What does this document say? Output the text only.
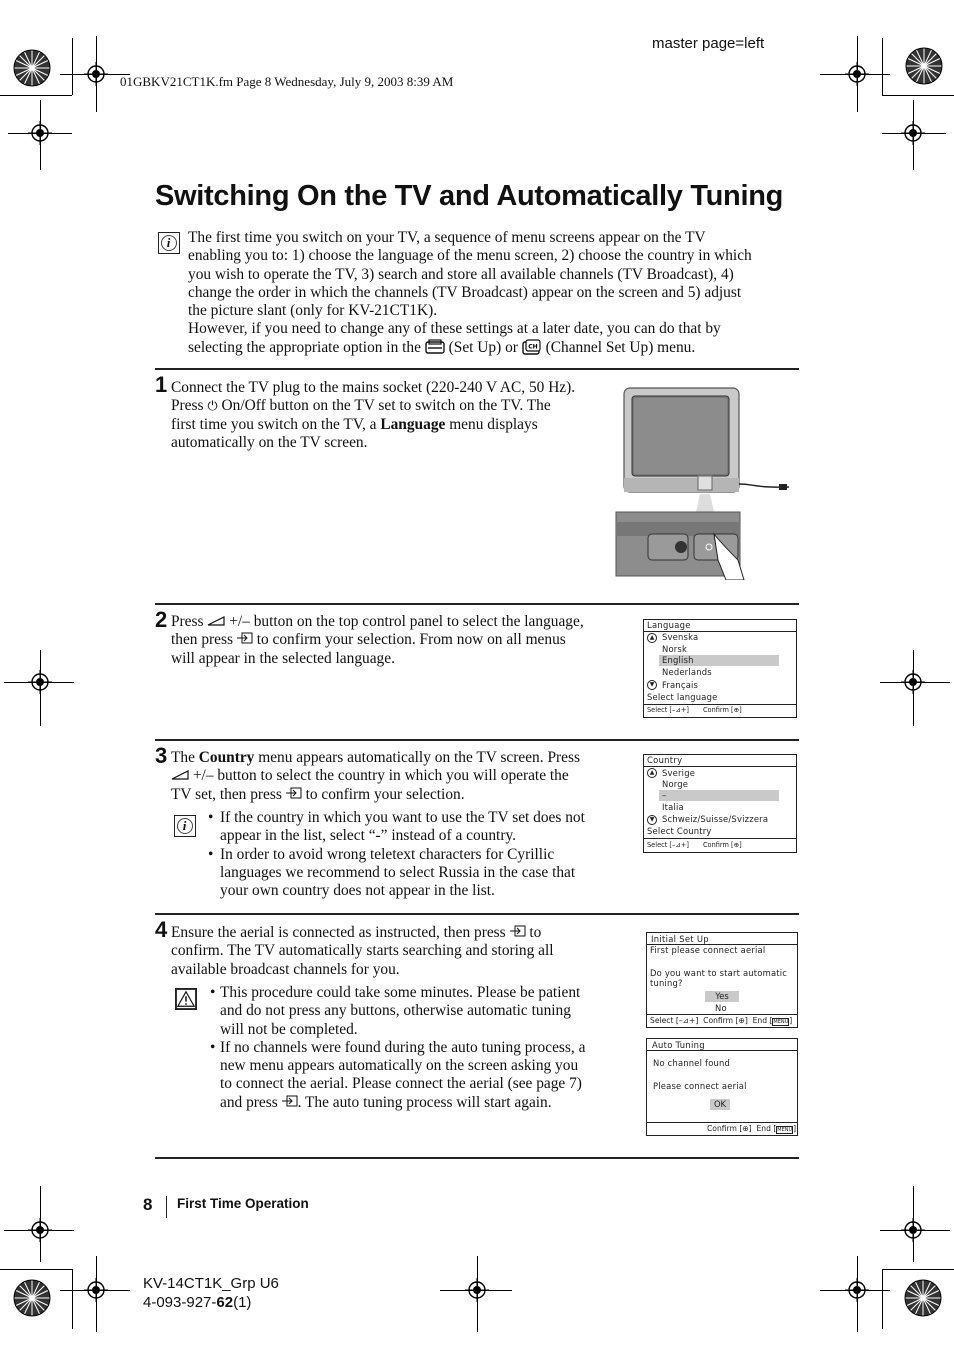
master page=left
01GBKV21CT1K.fm Page 8 Wednesday, July 9, 2003 8:39 AM
Switching On the TV and Automatically Tuning
i	The first time you switch on your TV, a sequence of menu screens appear on the TV
enabling you to: 1) choose the language of the menu screen, 2) choose the country in which
you wish to operate the TV, 3) search and store all available channels (TV Broadcast), 4)
change the order in which the channels (TV Broadcast) appear on the screen and 5) adjust
the picture slant (only for KV-21CT1K).
However, if you need to change any of these settings at a later date, you can do that by
selecting the appropriate option in the (Set Up) or CH (Channel Set Up) menu.
1 Connect the TV plug to the mains socket (220-240 V AC, 50 Hz).
Press ⏻ On/Off button on the TV set to switch on the TV. The
first time you switch on the TV, a Language menu displays
automatically on the TV screen.
2 Press +/– button on the top control panel to select the language,
then press to confirm your selection. From now on all menus
will appear in the selected language.
Language
▲ Svenska
Norsk
English
Nederlands
▼ Français
Select language
Select [–⊿+] Confirm [⊕]
3 The Country menu appears automatically on the TV screen. Press
+/– button to select the country in which you will operate the
TV set, then press to confirm your selection.
i	• If the country in which you want to use the TV set does not
appear in the list, select “-” instead of a country.
• In order to avoid wrong teletext characters for Cyrillic
languages we recommend to select Russia in the case that
your own country does not appear in the list.
Country
▲ Sverige
Norge
–
Italia
▼ Schweiz/Suisse/Svizzera
Select Country
Select [–⊿+] Confirm [⊕]
4 Ensure the aerial is connected as instructed, then press to
confirm. The TV automatically starts searching and storing all
available broadcast channels for you.
• This procedure could take some minutes. Please be patient
and do not press any buttons, otherwise automatic tuning
will not be completed.
• If no channels were found during the auto tuning process, a
new menu appears automatically on the screen asking you
to connect the aerial. Please connect the aerial (see page 7)
and press . The auto tuning process will start again.
Initial Set Up
First please connect aerial
Do you want to start automatic
tuning?
Yes
No
Select [–⊿+] Confirm [⊕]  End [MENU]
Auto Tuning
No channel found
Please connect aerial
OK
Confirm [⊕]  End [MENU]
8 First Time Operation
KV-14CT1K_Grp U6
4-093-927-62(1)
